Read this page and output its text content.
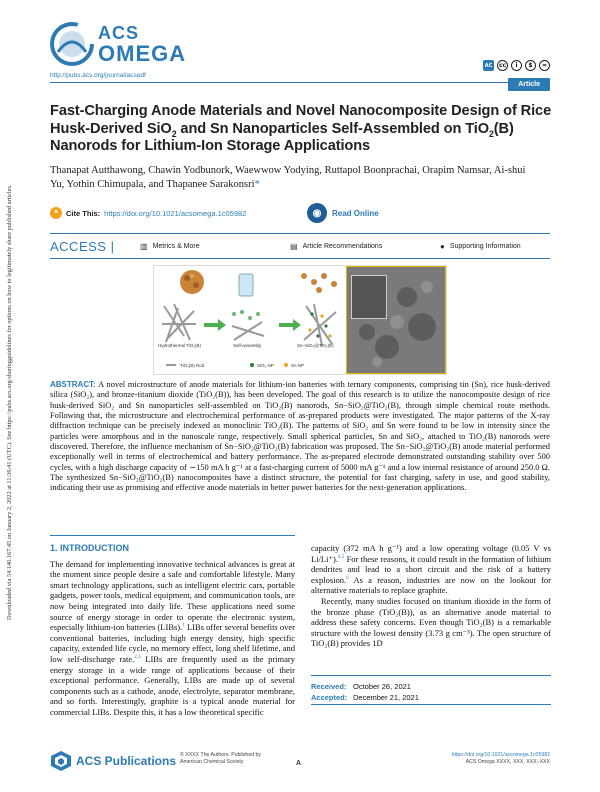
ACS
OMEGA	AC	cc	i	$	=
http://pubs.acs.org/journal/acsodf
Article
Fast-Charging Anode Materials and Novel Nanocomposite Design of Rice Husk-Derived SiO$_2$ and Sn Nanoparticles Self-Assembled on TiO$_2$(B) Nanorods for Lithium-Ion Storage Applications
Thanapat Autthawong, Chawin Yodbunork, Waewwow Yodying, Ruttapol Boonprachai, Orapim Namsar, Ai-shui Yu, Yothin Chimupala, and Thapanee Sarakonsri*
❝	Cite This: https://doi.org/10.1021/acsomega.1c05982	◉	Read Online
ACCESS |	▥ Metrics & More	▤ Article Recommendations	● Supporting Information
Hydrothermal TiO₂(B)	Self-assembly	Sn–SiO₂@TiO₂(B)
TiO₂(B) Rod	SiO₂ NP	Sn NP
ABSTRACT: A novel microstructure of anode materials for lithium-ion batteries with ternary components, comprising tin (Sn), rice husk-derived silica (SiO₂), and bronze-titanium dioxide (TiO₂(B)), has been developed. The goal of this research is to utilize the nanocomposite design of rice husk-derived SiO₂ and Sn nanoparticles self-assembled on TiO₂(B) nanorods, Sn−SiO₂@TiO₂(B), through simple chemical route methods. Following that, the microstructure and electrochemical performance of as-prepared products were investigated. The major patterns of the X-ray diffraction technique can be precisely indexed as monoclinic TiO₂(B). The patterns of SiO₂ and Sn were found to be low in intensity since the particles were amorphous and in the nanoscale range, respectively. Small spherical particles, Sn and SiO₂, attached to TiO₂(B) nanorods were discovered. Therefore, the influence mechanism of Sn−SiO₂@TiO₂(B) fabrication was proposed. The Sn−SiO₂@TiO₂(B) anode material performed exceptionally well in terms of electrochemical and battery performance. The as-prepared electrode demonstrated outstanding stability over 500 cycles, with a high discharge capacity of ∼150 mA h g⁻¹ at a fast-charging current of 5000 mA g⁻¹ and a low internal resistance of around 250.0 Ω. The synthesized Sn−SiO₂@TiO₂(B) nanocomposites have a distinct structure, the potential for fast charging, safety in use, and good stability, indicating their use as promising and effective anode materials in better power batteries for the next-generation applications.
Downloaded via 54.146.167.45 on January 2, 2022 at 11:36:41 (UTC). See https://pubs.acs.org/sharingguidelines for options on how to legitimately share published articles.	1. INTRODUCTION

The demand for implementing innovative technical advances is great at the moment since people desire a safe and comfortable lifestyle. Many smart technology applications, such as intelligent electric cars, portable gadgets, power tools, medical equipment, and communication tools, are now being integrated into daily life. These applications need some source of energy storage in order to operate the electronic system, especially lithium-ion batteries (LIBs).$^1$ LIBs offer several benefits over conventional batteries, including high energy density, high specific capacity, extended life cycle, no memory effect, long shelf lifetime, and low self-discharge rate.$^{2,3}$ LIBs are frequently used as the primary energy storage in a wide range of applications because of their exceptional performance. Generally, LIBs are made up of several components such as a cathode, anode, electrolyte, separator membrane, and so forth. Interestingly, graphite is a typical anode material for commercial LIBs. Despite this, it has a low theoretical specific

capacity (372 mA h g⁻¹) and a low operating voltage (0.05 V vs Li/Li⁺).$^{4,5}$ For these reasons, it could result in the formation of lithium dendrites and lead to a short circuit and the risk of a battery explosion.$^6$ As a reason, industries are now on the lookout for alternative materials to replace graphite.

Recently, many studies focused on titanium dioxide in the form of the bronze phase (TiO₂(B)), as an alternative anode material to address these safety concerns. Even though TiO₂(B) is a remarkable structure with the lowest density (3.73 g cm⁻³). The open structure of TiO₂(B) provides 1D

Received: October 26, 2021
Accepted: December 21, 2021
ACS Publications © XXXX The Authors. Published by
American Chemical Society	A
https://doi.org/10.1021/acsomega.1c05982
ACS Omega XXXX, XXX, XXX−XXX
